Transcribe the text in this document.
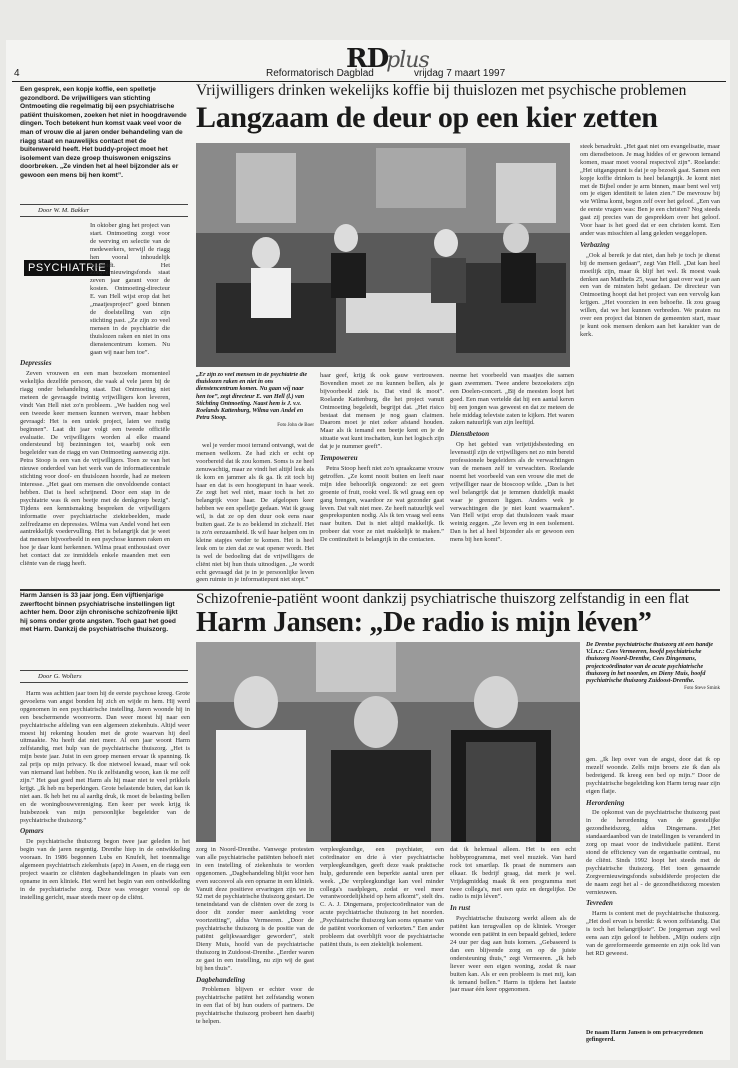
RDplus
4	Reformatorisch Dagblad	vrijdag 7 maart 1997
Een gesprek, een kopje koffie, een spelletje gezondbord. De vrijwilligers van stichting Ontmoeting die regelmatig bij een psychiatrische patiënt thuiskomen, zoeken het niet in hoogdravende dingen. Toch betekent hun komst vaak veel voor de man of vrouw die al jaren onder behandeling van de riagg staat en nauwelijks contact met de buitenwereld heeft. Het buddy-project moet het isolement van deze groep thuiswonen enigszins doorbreken. „Ze vinden het al heel bijzonder als er gewoon een mens bij hen komt”.
Door W. M. Bakker
Vrijwilligers drinken wekelijks koffie bij thuislozen met psychische problemen
Langzaam de deur op een kier zetten
PSYCHIATRIE

In oktober ging het project van start. Ontmoeting zorgt voor de werving en selectie van de medewerkers, terwijl de riagg hen vooral inhoudelijk begeleidt. Het Zorgvernieuwingsfonds staat zeven jaar garant voor de kosten. Ontmoeting-directeur E. van Hell wijst erop dat het „maatjesproject” goed binnen de doelstelling van zijn stichting past. „Ze zijn zo veel mensen in de psychiatrie die thuislozen raken en niet in ons dienstencentrum komen. Nu gaan wij naar hen toe”.

Depressies

Zeven vrouwen en een man bezoeken momenteel wekelijks dezelfde persoon, die vaak al vele jaren bij de riagg onder behandeling staat. Dat Ontmoeting niet meteen de gevraagde twintig vrijwilligers kon leveren, vindt Van Hell niet zo'n probleem. „We hadden nog wel een tweede keer mensen kunnen werven, maar hebben gevraagd: Het is een uniek project, laten we rustig beginnen”. Laat dit jaar volgt een tweede officiële evaluatie. De vrijwilligers worden al elke maand ondersteund bij bezinningen tot, waarbij ook een begeleider van de riagg en van Ontmoeting aanwezig zijn. Petra Stoop is een van de vrijwilligers. Toen ze van het nieuwe onderdeel van het werk van de informatiecentrale stichting voor doof- en thuislozen hoorde, had ze meteen interesse. „Het gaat om mensen die onvoldoende contact hebben. Dat is heel schrijnend. Door een stap in de psychiatrie was ik een beetje met de denkgroep bezig”. Tijdens een kennismaking bespreken de vrijwilligers informatie over psychiatrische ziektebeelden, made zelfredzame en depressies. Wilma van Andel vond het een aantrekkelijk voedervulling. Het is belangrijk dat je weet dat mensen bijvoorbeeld in een psychose kunnen raken en hoe je daar kunt herkennen. Wilma praat enthousiast over het contact dat ze inmiddels enkele maanden met een cliënte van de riagg heeft.

„Er zijn zo veel mensen in de psychiatrie die thuislozen raken en niet in ons dienstencentrum komen. Nu gaan wij naar hen toe”, zegt directeur E. van Hell (l.) van Stichting Ontmoeting. Naast hem is J. v.v. Roelands Kattenburg, Wilma van Andel en Petra Stoop.
Foto John de Boer

wel je verder mooi terrand ontvangt, wat de mensen welkom. Ze had zich er echt op voorbereid dat ik zou komen. Soms is ze heel zenuwachtig, maar ze vindt het altijd leuk als ik kom en jammer als ik ga. Ik zit toch bij haar en dat is een hoogtepunt in haar week. Ze zegt het wel niet, maar toch is het zo belangrijk voor haar. De afgelopen keer hebben we een spelletje gedaan. Wat ik graag wil, is dat ze op den duur ook eens naar buiten gaat. Ze is zo beklemd in zichzelf. Het is zo'n eenzaamheid. Ik wil haar helpen om in kleine stapjes verder te komen. Het is heel leuk om te zien dat ze wat opener wordt. Het is wel de bedoeling dat de vrijwilligers de cliënt niet bij hun thuis uitnodigen. „Je wordt echt gevraagd dat je in je persoonlijke leven geen ruimte in je informatiepunt niet stopt.”

haar geef, krijg ik ook gauw vertrouwen. Bovendien moet ze nu kunnen bellen, als je bijvoorbeeld ziek is. Dat vind ik mooi”. Roelande Kattenburg, die het project vanuit Ontmoeting begeleidt, begrijpt dat. „Het risico bestaat dat mensen je nog gaan claimen. Daarom moet je niet zeker afstand houden. Maar als ik iemand een beetje kent en je de situatie wat kunt inschatten, kun het logisch zijn dat je je nummer geeft”.

Tempowereu

Petra Stoop heeft niet zo'n spraakzame vrouw getroffen. „Ze komt nooit buiten en leeft naar mijn idee behoorlijk ongezond: ze eet geen groente of fruit, rookt veel. Ik wil graag een op gang brengen, waardoor ze wat gezonder gaat leven. Dat valt niet mee. Ze heeft natuurlijk wel gesprekspunten nodig. Als ik ten vraag wel eens naar buiten. Dat is niet altijd makkelijk. Ik probeer dat voor ze niet makkelijk te maken.” De continuïteit is belangrijk in die contacten.

neeme het voorbeeld van maatjes die samen gaan zwemmen. Twee andere bezoeksters zijn een Doelen-concert. „Bij de meesten loopt het goed. Een man vertelde dat hij een aantal keren bij een jongen was geweest en dat ze meteen de hele middag televisie zaten te kijken. Het waren zaken natuurlijk van zijn leeftijd.

Dienstbetoon

Op het gebied van vrijetijdsbesteding en levensstijl zijn de vrijwilligers net zo min bereid professionele begeleiders als de verwachtingen van de mensen zelf te verwachten. Roelande noemt het voorbeeld van een vrouw die met de vrijwilliger naar de bioscoop wilde. „Dan is het wel belangrijk dat je iemmen duidelijk maakt waar je grenzen liggen. Anders wek je verwachtingen die je niet kunt waarmaken”. Van Hell wijst erop dat thuislozen vaak maar weinig zeggen. „Ze leven erg in een isolement. Dan is het al heel bijzonder als er gewoon een mens bij hen komt”.

steek benadrukt. „Het gaat niet om evangelisatie, maar om dienstbetoon. Je mag hiddes of er gewoon iemand komen, maar moet vooral respectvol zijn”. Roelande: „Het uitgangspunt is dat je op bezoek gaat. Samen een kopje koffie drinken is heel belangrijk. Je komt niet met de Bijbel onder je arm binnen, maar bent wel vrij om je eigen identiteit te laten zien.” De mevrouw bij wie Wilma komt, begon zelf over het geloof. „Een van de eerste vragen was: Ben je een christen? Nog steeds gaat zij precies van de gesprekken over het geloof. Voor haar is het goed dat er een christen komt. Een ander was misschien al lang geleden weggelopen.

Verbazing

„Ook al bereik je dat niet, dan heb je toch je dienst bij de mensen gedaan”, zegt Van Hell. „Dat kan heel moeilijk zijn, maar ik blijf het wel. Ik moest vaak denken aan Mattheüs 25, waar het gaat over wat je aan een van de minsten hebt gedaan. De directeur van Ontmoeting hoopt dat het project van een vervolg kan krijgen. „Het voorzien in een behoefte. Ik zou graag willen, dat we het kunnen verbreden. We praten nu over een project dat binnen de gemeenten start, maar je kunt ook mensen denken aan het karakter van de kerk.

Harm Jansen is 33 jaar jong. Een vijftienjarige zwerftocht binnen psychiatrische instellingen ligt achter hem. Door zijn chronische schizofrenie lijkt hij soms onder grote angsten. Toch gaat het goed met Harm. Dankzij de psychiatrische thuiszorg.
Door G. Wolters
Schizofrenie-patiënt woont dankzij psychiatrische thuiszorg zelfstandig in een flat
Harm Jansen: „De radio is mijn léven”

Harm was achttien jaar toen hij de eerste psychose kreeg. Grote gevoelens van angst bonden hij zich en wijde m hem. Hij werd opgenomen in een psychiatrische instelling. Jaren woonde hij in een beschermende woonvorm. Dan weer moest hij naar een psychiatrische afdeling van een algemeen ziekenhuis. Altijd weer moest hij rekening houden met de grote waarvan hij deel uitmaakte. Nu heeft dat niet meer. Al een jaar woont Harm zelfstandig, met hulp van de psychiatrische thuiszorg. „Het is mijn beste jaar. Juist in een groep mensen ervaar ik spanning. Ik zal prijs op mijn privacy. Ik doe nietwoel kwaad, maar wil ook van niemand last hebben. Nu ik zelfstandig woon, kan ik me zelf zijn.” Het gaat goed met Harm als hij maar niet te veel prikkels krijgt. „Ik heb nu beperkingen. Grote belastende buien, dat kan ik niet aan. Ik heb het nu al aardig druk, ik moet de belasting bellen en de woningbouwvereniging. Een keer per week krijg ik huisbezoek van mijn persoonlijke begeleider van de psychiatrische thuiszorg.”

Opmars

De psychiatrische thuiszorg begon twee jaar geleden in het begin van de jaren negentig. Drenthe hiep in de ontwikkeling vooraan. In 1986 begonnen Lubs en Knufelt, het toenmalige algemeen psychiatrisch ziekenhuis (apz) in Assen, en de riagg een project waarin ze cliënten dagbehandelingen in plaats van een opname in een kliniek. Het werd het begin van een ontwikkeling in de psychiatrische zorg. Deze was vroeger vooral op de instelling gericht, maar steeds meer op de cliënt.

De Drentse psychiatrische thuiszorg zit een handje V.l.n.r.: Cees Vermeeren, hoofd psychiatrische thuiszorg Noord-Drenthe, Cees Dingemans, projectcoördinator van de acute psychiatrische thuiszorg in het noorden, en Dieny Muis, hoofd psychiatrische thuiszorg Zuidoost-Drenthe.
Foto Steve Smink

zorg in Noord-Drenthe. Vanwege protesten van alle psychiatrische patiënten behoeft niet in een instelling of ziekenhuis te worden opgenomen. „Dagbehandeling blijkt voor hen even succesvol als een opname in een kliniek. Vanuit deze positieve ervaringen zijn we in 92 met de psychiatrische thuiszorg gestart. De teneindstand van de cliënten over de zorg is door dit zonder meer aanleiding voor voortzetting”, aldus Vermeeren. „Door de psychiatrische thuiszorg is de positie van de patiënt gelijkwaardiger geworden”, stelt Dieny Muis, hoofd van de psychiatrische thuiszorg in Zuidoost-Drenthe. „Eerder waren ze gast in een instelling, nu zijn wij de gast bij hen thuis”.

Dagbehandeling

Problemen blijven er echter voor de psychiatrische patiënt het zelfstandig wonen in een flat of bij hun ouders of partners. De psychiatrische thuiszorg probeert hen daarbij te helpen.

verpleegkundige, een psychiater, een coördinator en drie à vier psychiatrische verpleegkundigen, geeft deze vaak praktische hulp, gedurende een beperkte aantal uren per week. „De verpleegkundige kan veel minder collega's raadplegen, zodat er veel meer verantwoordelijkheid op hem afkomt”, stelt drs. C. A. J. Dingemans, projectcoördinator van de acute psychiatrische thuiszorg in het noorden. „Psychiatrische thuiszorg kan soms opname van de patiënt voorkomen of verkorten.” Een ander probleem dat overblijft voor de psychiatrische patiënt thuis, is een ziektelijk isolement.

dat ik helemaal alleen. Het is een echt hobbyprogramma, met veel muziek. Van hard rock tot smartlap. Ik praat de nummers aan elkaar. Ik bedrijf graag, dat merk je wel. Vrijdagmiddag maak ik een programma met twee collega's, met een quiz en dergelijke. De radio is mijn léven”.

In rust

Psychiatrische thuiszorg werkt alleen als de patiënt kan terugvallen op de kliniek. Vroeger woonde een patiënt in een bepaald gebied, iedere 24 uur per dag aan huis komen. „Gebaseerd is dan een blijvende zorg en op de juiste ondersteuning thuis,” zegt Vermeeren. „Ik heb liever weer een eigen woning, zodat ik naar buiten kan. Als er een probleem is met mij, kan ik iemand bellen.” Harm is tijdens het laatste jaar maar één keer opgenomen.

gen. „Ik liep over van de angst, door dat ik op mezelf woonde. Zelfs mijn broers zie ik dan als bedreigend. Ik kreeg een bed op mijn.” Door de psychiatrische begeleiding kon Harm terug naar zijn eigen flatje.

Herordening

De opkomst van de psychiatrische thuiszorg past in de herordening van de geestelijke gezondheidszorg, aldus Dingemans. „Het standaardaanbod van de instellingen is veranderd in zorg op maat voor de individuele patiënt. Eerst stond de efficiency van de organisatie centraal, nu de cliënt. Sinds 1992 loopt het steeds met de psychiatrische thuiszorg. Het toen genaamde Zorgvernieuwingsfonds subsidiëerde projecten die de naam zegt het al - de gezondheidszorg moesten vernieuwen.

Tevreden

Harm is content met de psychiatrische thuiszorg. „Het doel ervan is bereikt: ik woon zelfstandig. Dat is toch het belangrijkste”. De jongeman zegt wel eens aan zijn geloof te hebben. „Mijn ouders zijn van de gereformeerde gemeente en zijn ook lid van het RD geweest.

De naam Harm Jansen is om privacyredenen gefingeerd.
